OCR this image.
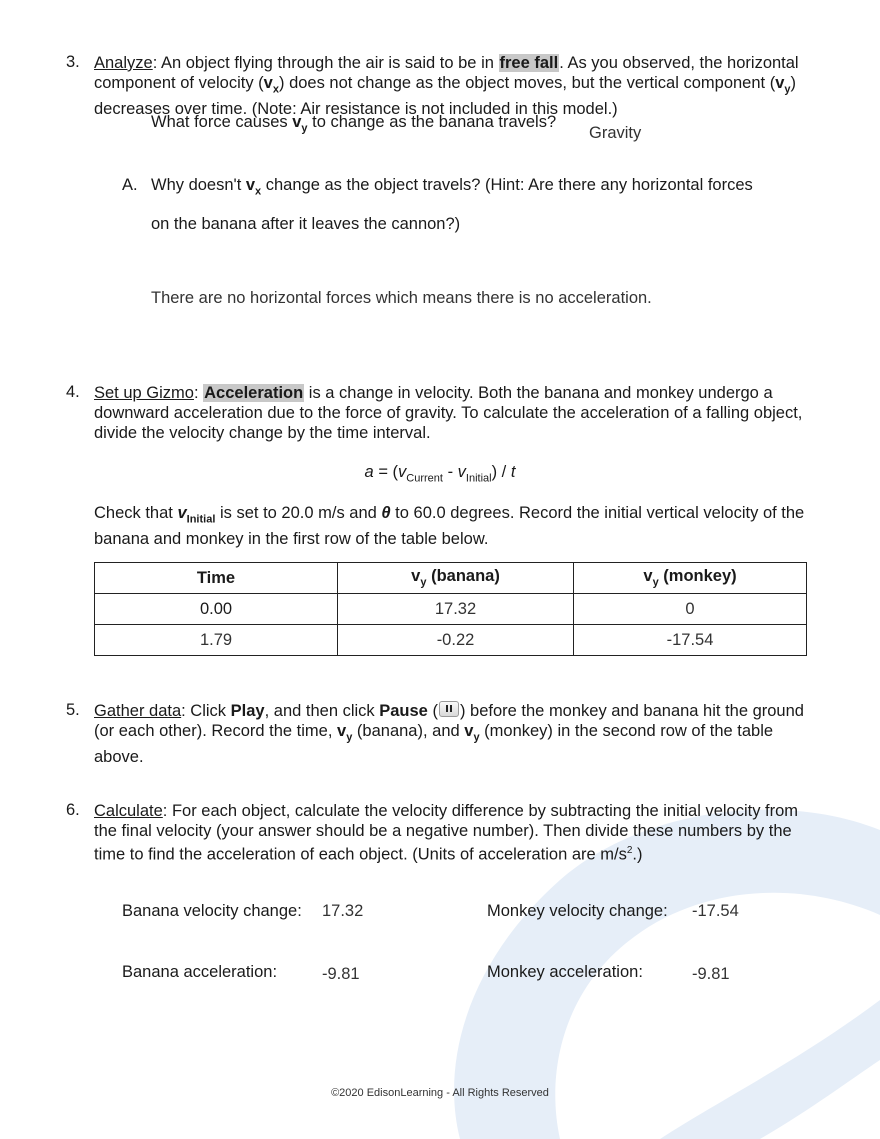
3. Analyze: An object flying through the air is said to be in free fall. As you observed, the horizontal component of velocity $(v_x)$ does not change as the object moves, but the vertical component $(v_y)$ decreases over time. (Note: Air resistance is not included in this model.)
What force causes $v_y$ to change as the banana travels?
Gravity
A. Why doesn't $v_x$ change as the object travels? (Hint: Are there any horizontal forces
on the banana after it leaves the cannon?)
There are no horizontal forces which means there is no acceleration.
4. Set up Gizmo: Acceleration is a change in velocity. Both the banana and monkey undergo a downward acceleration due to the force of gravity. To calculate the acceleration of a falling object, divide the velocity change by the time interval.
$a = (v_{Current} - v_{Initial}) / t$
Check that $v_{Initial}$ is set to 20.0 m/s and θ to 60.0 degrees. Record the initial vertical velocity of the banana and monkey in the first row of the table below.
Time	$v_y$ (banana)	$v_y$ (monkey)
0.00	17.32	0
1.79	-0.22	-17.54
5. Gather data: Click Play, and then click Pause ( ) before the monkey and banana hit the ground (or each other). Record the time, $v_y$ (banana), and $v_y$ (monkey) in the second row of the table above.
6. Calculate: For each object, calculate the velocity difference by subtracting the initial velocity from the final velocity (your answer should be a negative number). Then divide these numbers by the time to find the acceleration of each object. (Units of acceleration are $m/s^2$.)
Banana velocity change: 17.32	Monkey velocity change: -17.54
Banana acceleration:	-9.81	Monkey acceleration:	-9.81
©2020 EdisonLearning - All Rights Reserved
